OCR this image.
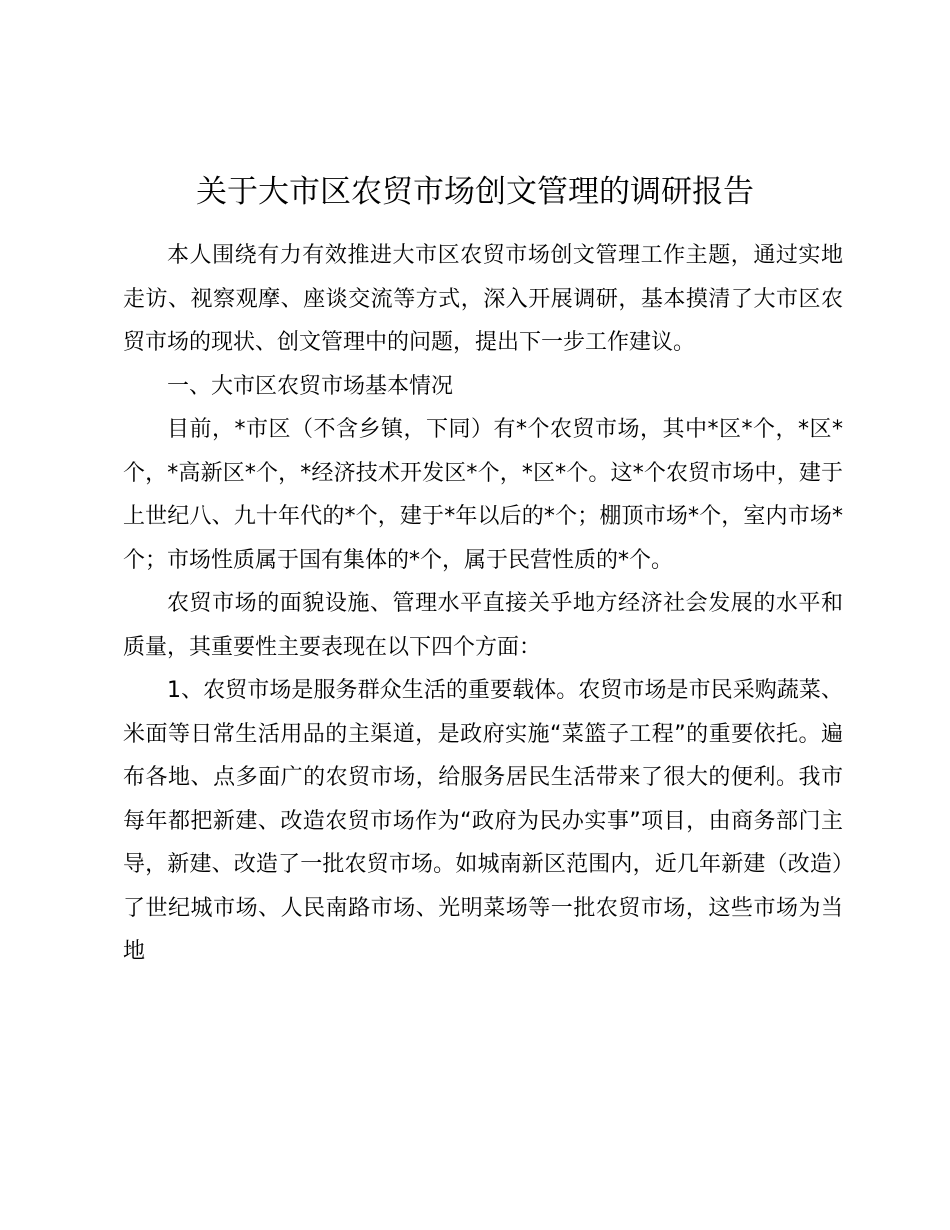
关于大市区农贸市场创文管理的调研报告

本人围绕有力有效推进大市区农贸市场创文管理工作主题，通过实地走访、视察观摩、座谈交流等方式，深入开展调研，基本摸清了大市区农贸市场的现状、创文管理中的问题，提出下一步工作建议。

一、大市区农贸市场基本情况

目前，*市区（不含乡镇，下同）有*个农贸市场，其中*区*个，*区*个，*高新区*个，*经济技术开发区*个，*区*个。这*个农贸市场中，建于上世纪八、九十年代的*个，建于*年以后的*个；棚顶市场*个，室内市场*个；市场性质属于国有集体的*个，属于民营性质的*个。

农贸市场的面貌设施、管理水平直接关乎地方经济社会发展的水平和质量，其重要性主要表现在以下四个方面：

1、农贸市场是服务群众生活的重要载体。农贸市场是市民采购蔬菜、米面等日常生活用品的主渠道，是政府实施“菜篮子工程”的重要依托。遍布各地、点多面广的农贸市场，给服务居民生活带来了很大的便利。我市每年都把新建、改造农贸市场作为“政府为民办实事”项目，由商务部门主导，新建、改造了一批农贸市场。如城南新区范围内，近几年新建（改造）了世纪城市场、人民南路市场、光明菜场等一批农贸市场，这些市场为当地
